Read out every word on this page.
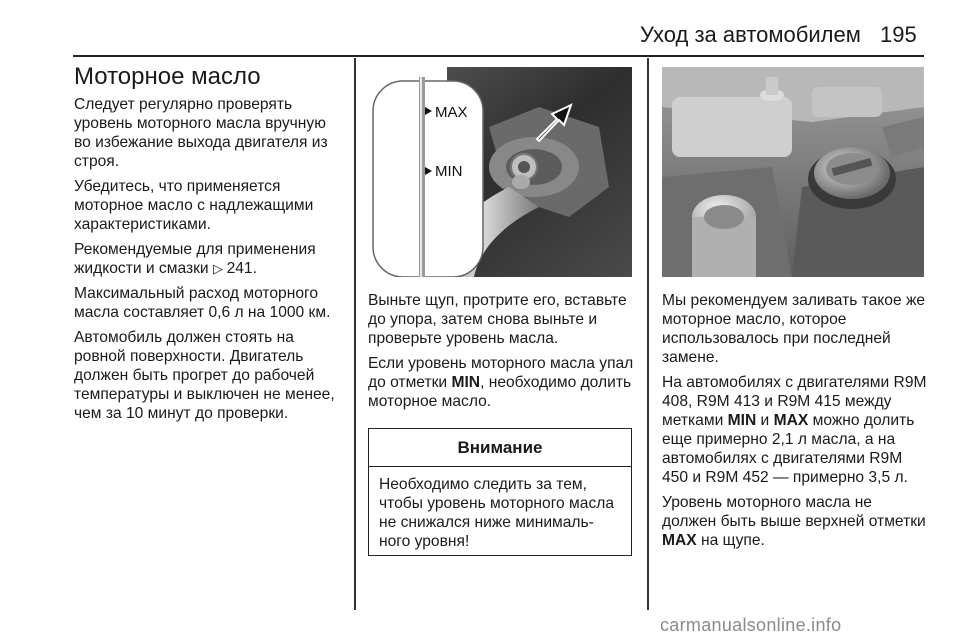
Уход за автомобилем 195
Моторное масло

Следует регулярно проверять уровень моторного масла вручную во избежание выхода двигателя из строя.

Убедитесь, что применяется моторное масло с надлежащими характеристиками.

Рекомендуемые для применения жидкости и смазки ▷ 241.

Максимальный расход моторного масла составляет 0,6 л на 1000 км.

Автомобиль должен стоять на ровной поверхности. Двигатель должен быть прогрет до рабочей температуры и выключен не менее, чем за 10 минут до проверки.

MAX
MIN

Выньте щуп, протрите его, вставьте до упора, затем снова выньте и проверьте уровень масла.

Если уровень моторного масла упал до отметки MIN, необходимо долить моторное масло.

Внимание
Необходимо следить за тем, чтобы уровень моторного масла не снижался ниже минималь-ного уровня!

Мы рекомендуем заливать такое же моторное масло, которое использовалось при последней замене.

На автомобилях с двигателями R9M 408, R9M 413 и R9M 415 между метками MIN и MAX можно долить еще примерно 2,1 л масла, а на автомобилях с двигателями R9M 450 и R9M 452 — примерно 3,5 л.

Уровень моторного масла не должен быть выше верхней отметки MAX на щупе.

carmanualsonline.info
